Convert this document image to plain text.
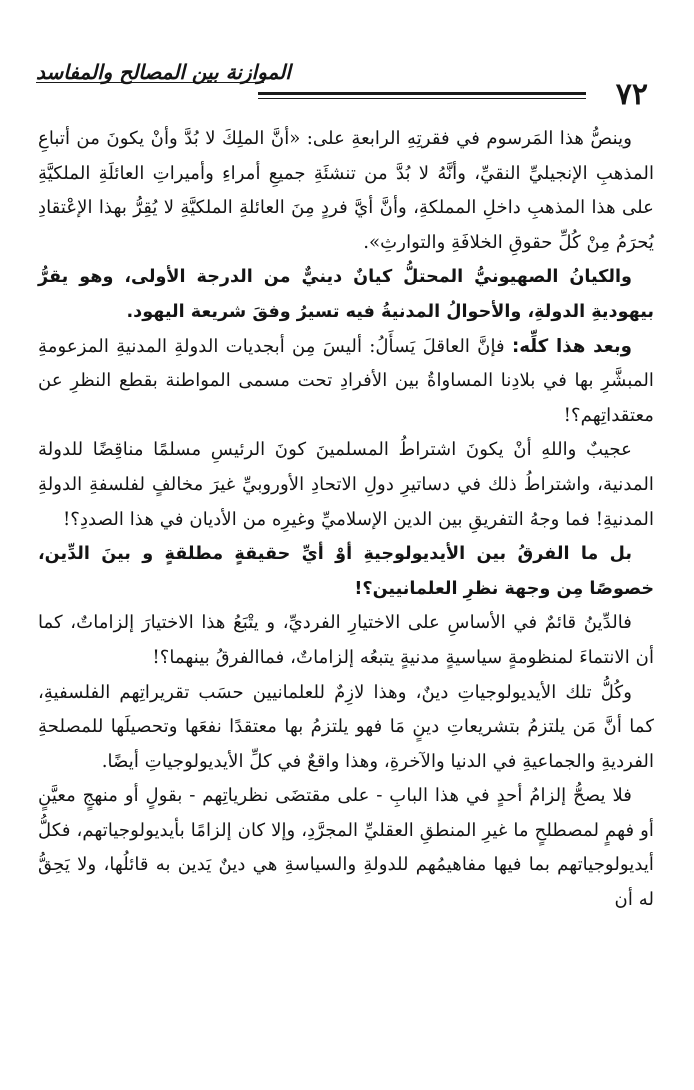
الموازنة بين المصالح والمفاسد
٧٢

وينصُّ هذا المَرسوم في فقرتِهِ الرابعةِ على: «أنَّ الملِكَ لا بُدَّ وأنْ يكونَ من أتباعِ المذهبِ الإنجيليِّ النقيِّ، وأنَّهُ لا بُدَّ من تنشئَةِ جميعِ أمراءِ وأميراتِ العائلَةِ الملكيَّةِ على هذا المذهبِ داخلِ المملكةِ، وأنَّ أيَّ فردٍ مِنَ العائلةِ الملكيَّةِ لا يُقِرُّ بهذا الإعْتقادِ يُحرَمُ مِنْ كُلِّ حقوقِ الخلافَةِ والتوارثِ».

والكيانُ الصهيونيُّ المحتلُّ كيانٌ دينيٌّ من الدرجة الأولى، وهو يقرُّ بيهوديةِ الدولةِ، والأحوالُ المدنيةُ فيه تسيرُ وفقَ شريعة اليهود.

وبعد هذا كلِّه: فإنَّ العاقلَ يَسأَلُ: أليسَ مِن أبجديات الدولةِ المدنيةِ المزعومةِ المبشَّرِ بها في بلادِنا المساواةُ بين الأفرادِ تحت مسمى المواطنة بقطع النظرِ عن معتقداتِهم؟!

عجيبٌ واللهِ أنْ يكونَ اشتراطُ المسلمينَ كونَ الرئيسِ مسلمًا مناقِضًا للدولة المدنية، واشتراطُ ذلك في دساتيرِ دولِ الاتحادِ الأوروبيِّ غيرَ مخالفٍ لفلسفةِ الدولةِ المدنيةِ! فما وجهُ التفريقِ بين الدين الإسلاميِّ وغيرِه من الأديان في هذا الصددِ؟!

بل ما الفرقُ بين الأيديولوجيةِ أوْ أيِّ حقيقةٍ مطلقةٍ و بينَ الدِّين، خصوصًا مِن وجهة نظرِ العلمانيين؟!

فالدِّينُ قائمٌ في الأساسِ على الاختيارِ الفرديِّ، و يتْبَعُ هذا الاختيارَ إلزاماتٌ، كما أن الانتماءَ لمنظومةٍ سياسيةٍ مدنيةٍ يتبعُه إلزاماتٌ، فماالفرقُ بينهما؟!

وكُلُّ تلك الأيديولوجياتِ دينٌ، وهذا لازِمٌ للعلمانيين حسَب تقريراتِهم الفلسفيةِ، كما أنَّ مَن يلتزمُ بتشريعاتِ دينٍ مَا فهو يلتزمُ بها معتقدًا نفعَها وتحصيلَها للمصلحةِ الفرديةِ والجماعيةِ في الدنيا والآخرةِ، وهذا واقعٌ في كلِّ الأيديولوجياتِ أيضًا.

فلا يصحُّ إلزامُ أحدٍ في هذا البابِ - على مقتضَى نظرياتِهم - بقولٍ أو منهجٍ معيَّنٍ أو فهمٍ لمصطلحٍ ما غيرِ المنطقِ العقليِّ المجرَّدِ، وإلا كان إلزامًا بأيديولوجياتهم، فكلُّ أيديولوجياتهم بما فيها مفاهيمُهم للدولةِ والسياسةِ هي دينٌ يَدين به قائلُها، ولا يَحِقُّ له أن
